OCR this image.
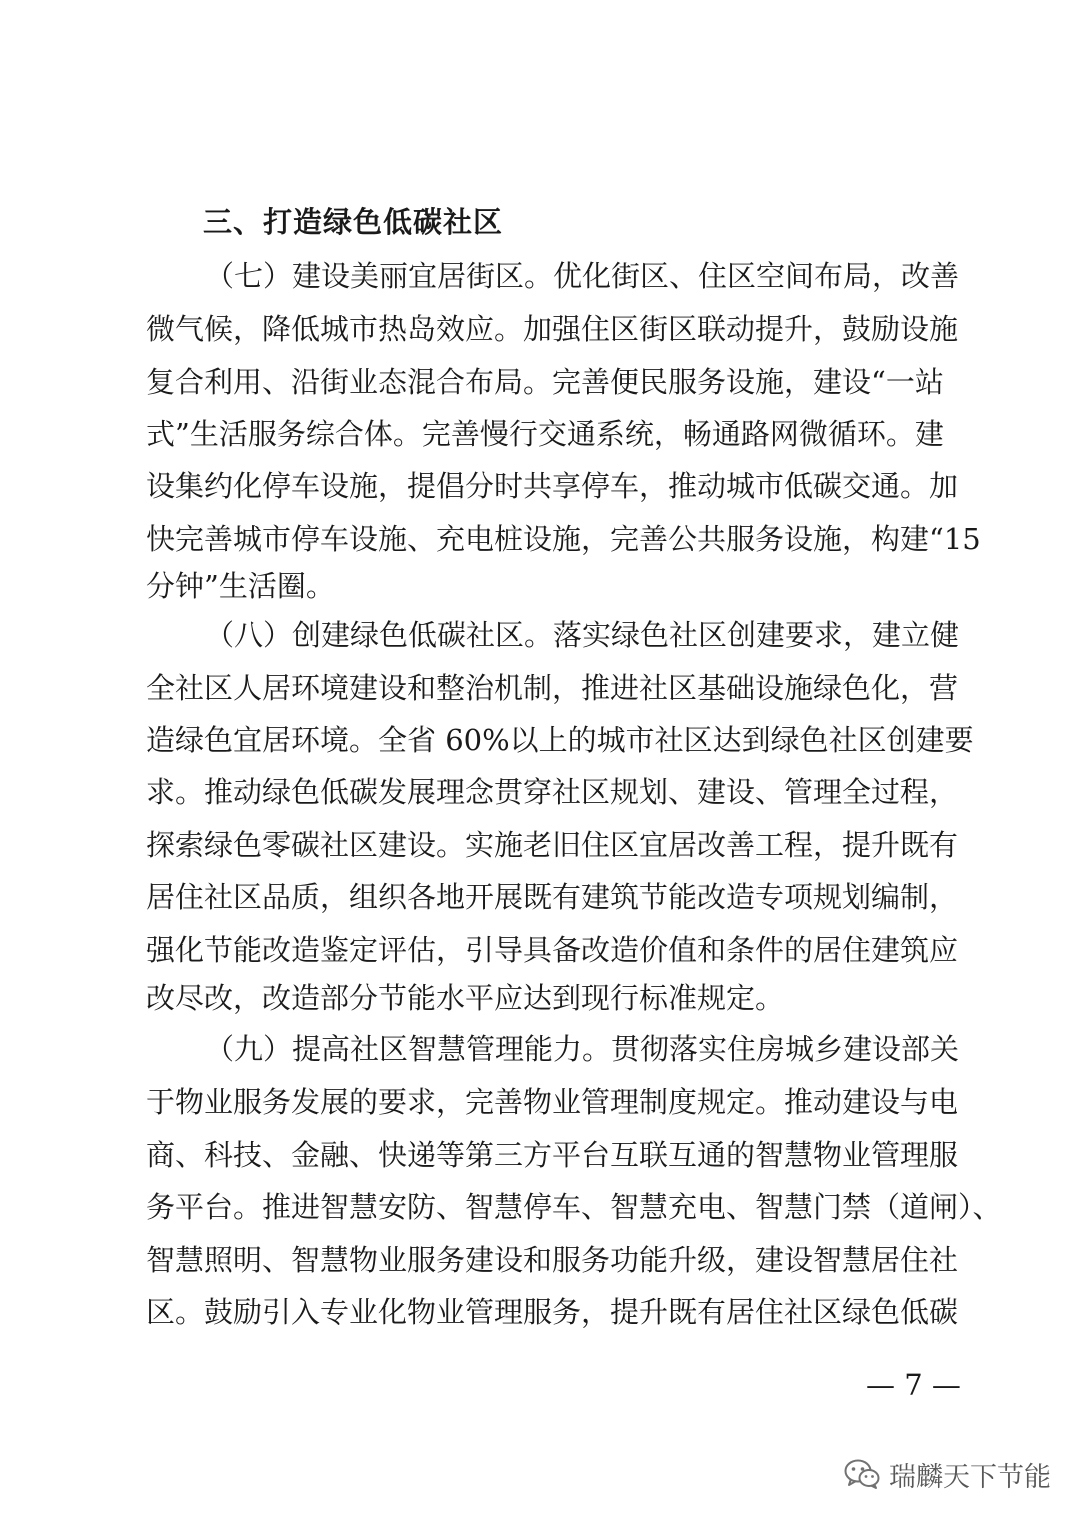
三、打造绿色低碳社区
（七）建设美丽宜居街区。优化街区、住区空间布局，改善
微气候，降低城市热岛效应。加强住区街区联动提升，鼓励设施
复合利用、沿街业态混合布局。完善便民服务设施，建设“一站
式”生活服务综合体。完善慢行交通系统，畅通路网微循环。建
设集约化停车设施，提倡分时共享停车，推动城市低碳交通。加
快完善城市停车设施、充电桩设施，完善公共服务设施，构建“15
分钟”生活圈。
（八）创建绿色低碳社区。落实绿色社区创建要求，建立健
全社区人居环境建设和整治机制，推进社区基础设施绿色化，营
造绿色宜居环境。全省 60%以上的城市社区达到绿色社区创建要
求。推动绿色低碳发展理念贯穿社区规划、建设、管理全过程，
探索绿色零碳社区建设。实施老旧住区宜居改善工程，提升既有
居住社区品质，组织各地开展既有建筑节能改造专项规划编制，
强化节能改造鉴定评估，引导具备改造价值和条件的居住建筑应
改尽改，改造部分节能水平应达到现行标准规定。
（九）提高社区智慧管理能力。贯彻落实住房城乡建设部关
于物业服务发展的要求，完善物业管理制度规定。推动建设与电
商、科技、金融、快递等第三方平台互联互通的智慧物业管理服
务平台。推进智慧安防、智慧停车、智慧充电、智慧门禁（道闸）、
智慧照明、智慧物业服务建设和服务功能升级，建设智慧居住社
区。鼓励引入专业化物业管理服务，提升既有居住社区绿色低碳
— 7 —
瑞麟天下节能
